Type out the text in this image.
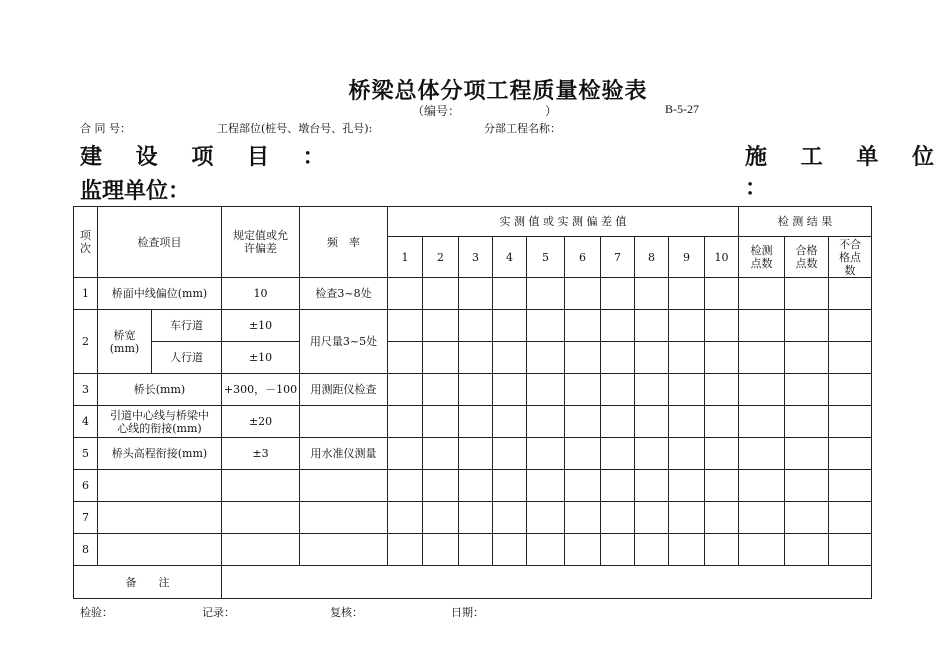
桥梁总体分项工程质量检验表
（编号：	）	B-5-27
合 同 号：	工程部位(桩号、墩台号、孔号):	分部工程名称：
建 设 项 目 ：	施 工 单 位 ：
监理单位：
项次	检查项目		规定值或允许偏差	频　率	实 测 值 或 实 测 偏 差 值										检 测 结 果		
					1	2	3	4	5	6	7	8	9	10	检测点数	合格点数	不合格点数
1	桥面中线偏位(mm)		10	检查3~8处													
2	桥宽(mm)	车行道	±10	用尺量3~5处													
		人行道	±10														
3	桥长(mm)		+300，－100	用测距仪检查													
4	引道中心线与桥梁中心线的衔接(mm)		±20														
5	桥头高程衔接(mm)		±3	用水准仪测量													
6																	
7																	
8																	
备　　注																	
检验：	记录：	复核：	日期：
